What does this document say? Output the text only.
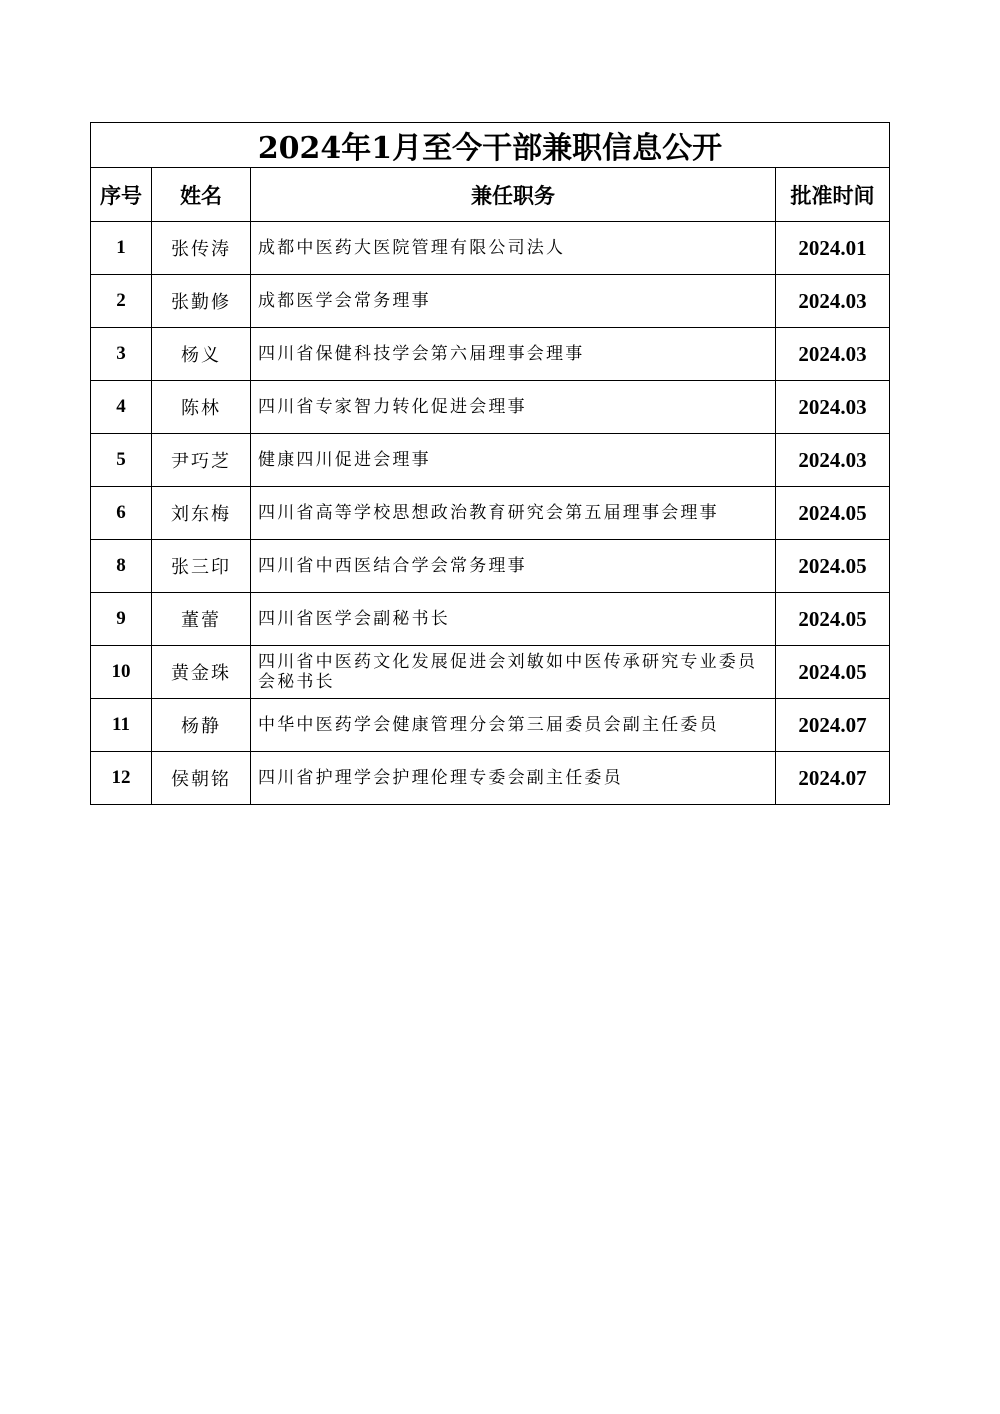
2024年1月至今干部兼职信息公开			
序号	姓名	兼任职务	批准时间
1	张传涛	成都中医药大医院管理有限公司法人	2024.01
2	张勤修	成都医学会常务理事	2024.03
3	杨义	四川省保健科技学会第六届理事会理事	2024.03
4	陈林	四川省专家智力转化促进会理事	2024.03
5	尹巧芝	健康四川促进会理事	2024.03
6	刘东梅	四川省高等学校思想政治教育研究会第五届理事会理事	2024.05
8	张三印	四川省中西医结合学会常务理事	2024.05
9	董蕾	四川省医学会副秘书长	2024.05
10	黄金珠	四川省中医药文化发展促进会刘敏如中医传承研究专业委员会秘书长	2024.05
11	杨静	中华中医药学会健康管理分会第三届委员会副主任委员	2024.07
12	侯朝铭	四川省护理学会护理伦理专委会副主任委员	2024.07
